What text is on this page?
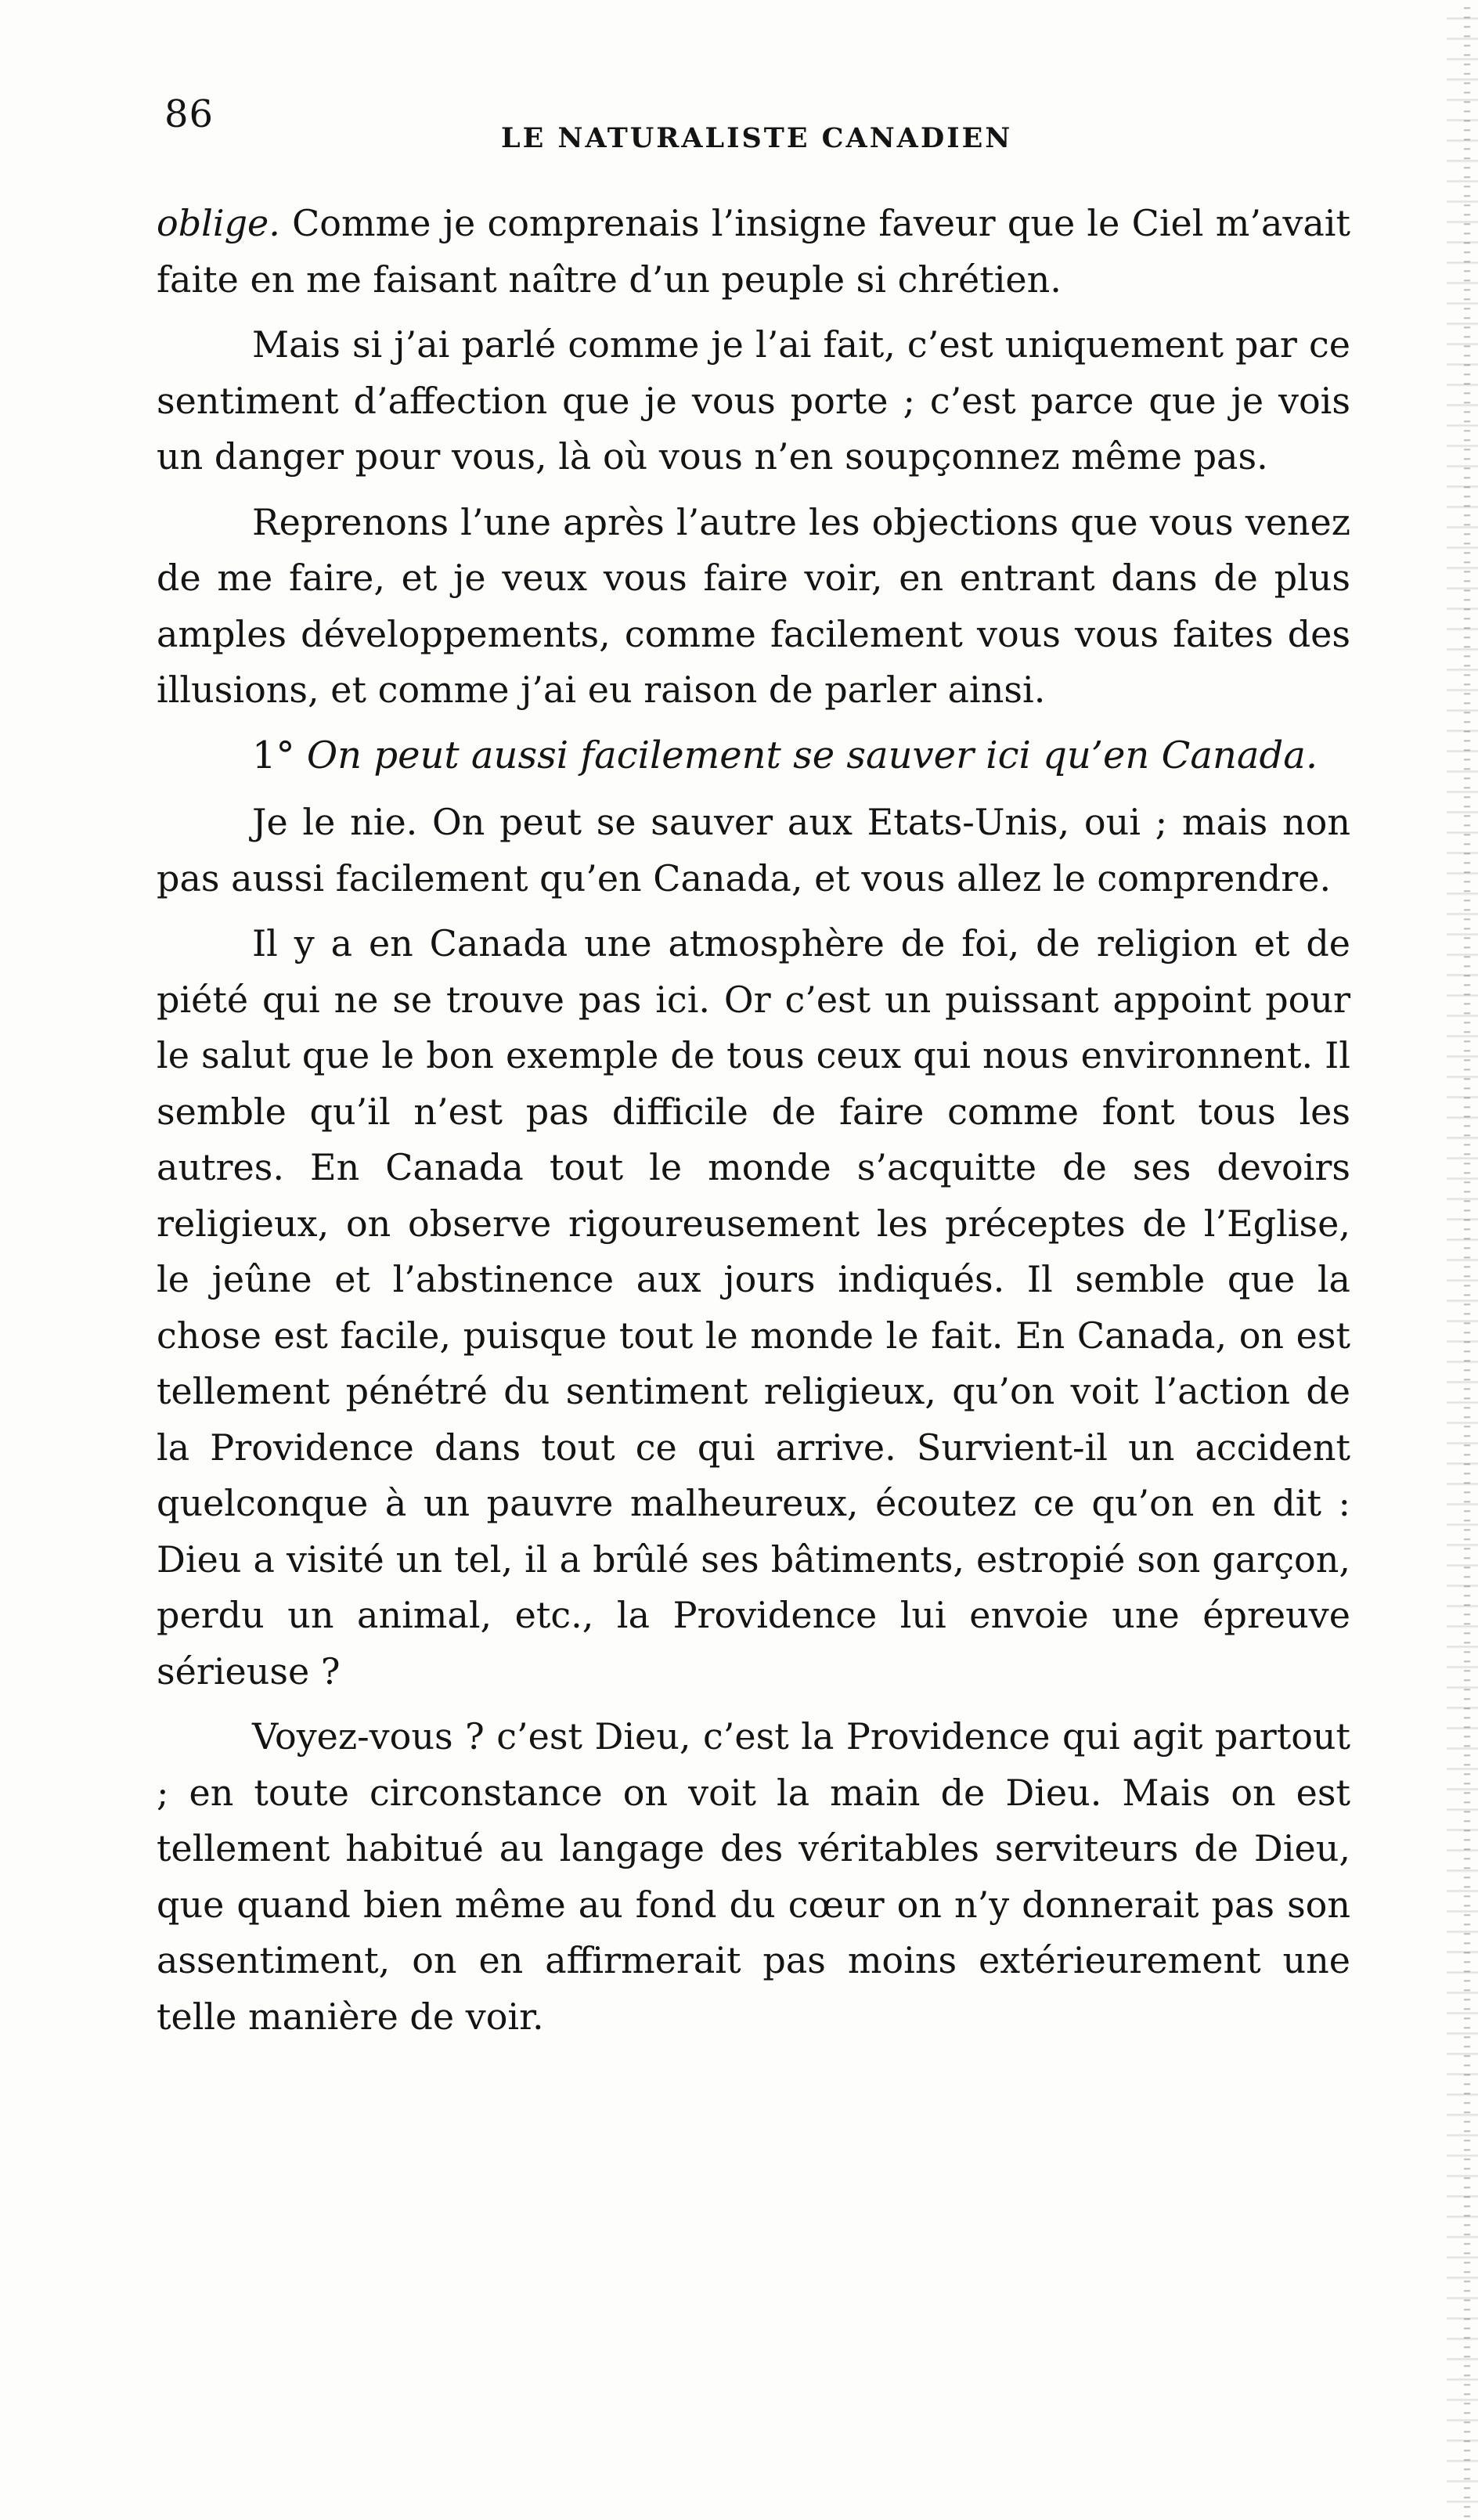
86
LE NATURALISTE CANADIEN

oblige. Comme je comprenais l’insigne faveur que le Ciel m’avait faite en me faisant naître d’un peuple si chrétien.

Mais si j’ai parlé comme je l’ai fait, c’est uniquement par ce sentiment d’affection que je vous porte ; c’est parce que je vois un danger pour vous, là où vous n’en soupçonnez même pas.

Reprenons l’une après l’autre les objections que vous venez de me faire, et je veux vous faire voir, en entrant dans de plus amples développements, comme facilement vous vous faites des illusions, et comme j’ai eu raison de parler ainsi.

1° On peut aussi facilement se sauver ici qu’en Canada.

Je le nie. On peut se sauver aux Etats-Unis, oui ; mais non pas aussi facilement qu’en Canada, et vous allez le comprendre.

Il y a en Canada une atmosphère de foi, de religion et de piété qui ne se trouve pas ici. Or c’est un puissant appoint pour le salut que le bon exemple de tous ceux qui nous environnent. Il semble qu’il n’est pas difficile de faire comme font tous les autres. En Canada tout le monde s’acquitte de ses devoirs religieux, on observe rigoureusement les préceptes de l’Eglise, le jeûne et l’abstinence aux jours indiqués. Il semble que la chose est facile, puisque tout le monde le fait. En Canada, on est tellement pénétré du sentiment religieux, qu’on voit l’action de la Providence dans tout ce qui arrive. Survient-il un accident quelconque à un pauvre malheureux, écoutez ce qu’on en dit : Dieu a visité un tel, il a brûlé ses bâtiments, estropié son garçon, perdu un animal, etc., la Providence lui envoie une épreuve sérieuse ?

Voyez-vous ? c’est Dieu, c’est la Providence qui agit partout ; en toute circonstance on voit la main de Dieu. Mais on est tellement habitué au langage des véritables serviteurs de Dieu, que quand bien même au fond du cœur on n’y donnerait pas son assentiment, on en affirmerait pas moins extérieurement une telle manière de voir.
